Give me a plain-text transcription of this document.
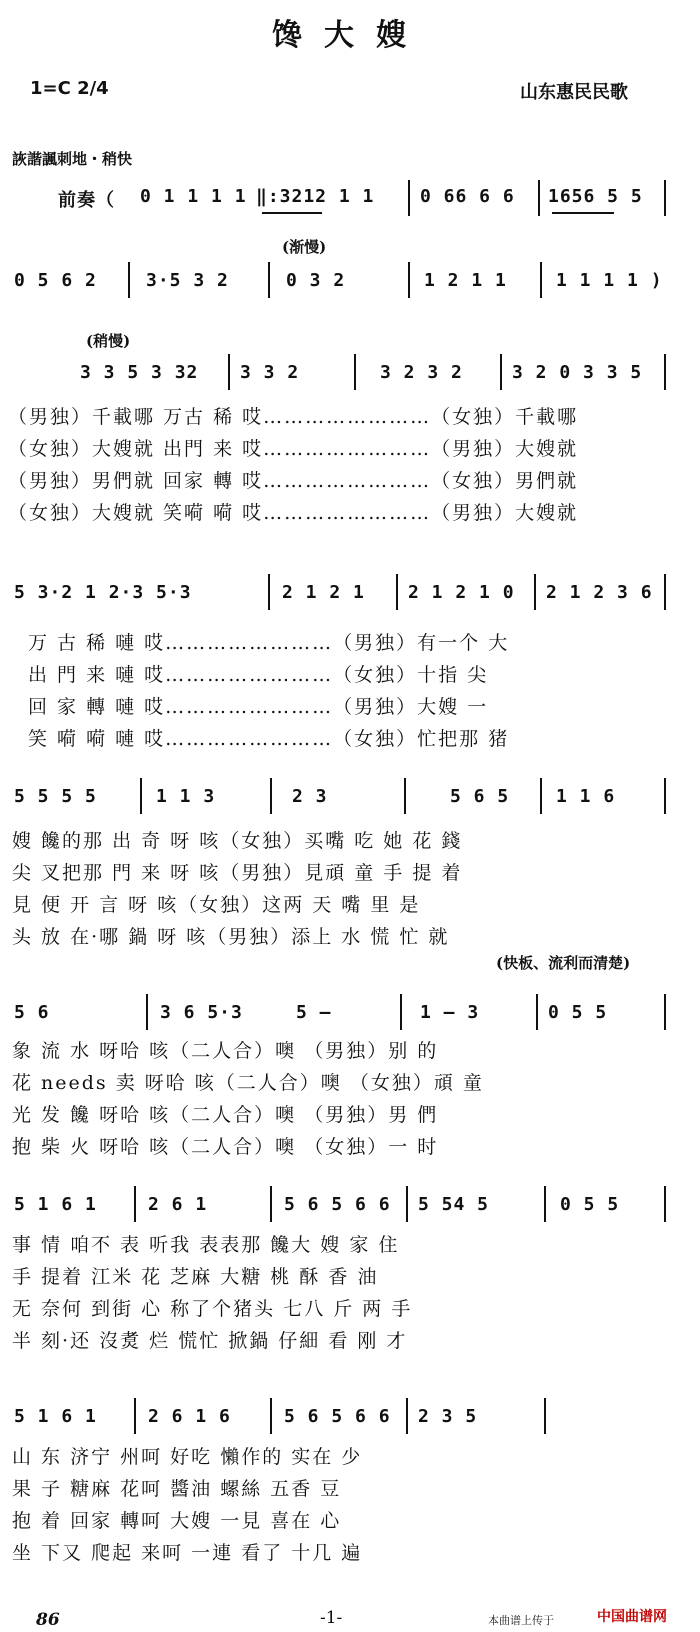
馋大嫂
1=C 2/4	山东惠民民歌
詼諧諷刺地・稍快
前奏（ 0 1 1 1 1 ‖:3212 1 1	0 66 6 6 1656 5 5
(渐慢)
0 5 6 2	3·5 3 2	0 3 2	1 2 1 1	1 1 1 1 )
(稍慢)
3 3 5 3 32 3 3 2	3 2 3 2	3 2 0 3 3 5
（男独）千載哪 万古 稀 哎……………………（女独）千載哪
（女独）大嫂就 出門 来 哎……………………（男独）大嫂就
（男独）男們就 回家 轉 哎……………………（女独）男們就
（女独）大嫂就 笑嗬 嗬 哎……………………（男独）大嫂就
5 3·2 1 2·3 5·3	2 1 2 1 2 1 2 1 0 2 1 2 3 6
万 古 稀 嗹 哎……………………（男独）有一个 大
出 門 来 嗹 哎……………………（女独）十指 尖
回 家 轉 嗹 哎……………………（男独）大嫂 一
笑 嗬 嗬 嗹 哎……………………（女独）忙把那 猪
5 5 5 5	1 1 3	2 3	5 6 5	1 1 6
嫂 饞的那 出 奇 呀 咳（女独）买嘴 吃 她 花 錢
尖 叉把那 門 来 呀 咳（男独）見頑 童 手 提 着
見 便 开 言 呀 咳（女独）这两 天 嘴 里 是
头 放 在·哪 鍋 呀 咳（男独）添上 水 慌 忙 就
(快板、流利而清楚)
5 6	3 6 5·3	5 —	1 — 3	0 5 5
象 流 水 呀哈 咳（二人合）噢 （男独）别 的
花 needs 卖 呀哈 咳（二人合）噢 （女独）頑 童
光 发 饞 呀哈 咳（二人合）噢 （男独）男 們
抱 柴 火 呀哈 咳（二人合）噢 （女独）一 时
5 1 6 1	2 6 1	5 6 5 6 6 5 54 5	0 5 5
事 情 咱不 表 听我 表表那 饞大 嫂 家 住
手 提着 江米 花 芝麻 大糖 桃 酥 香 油
无 奈何 到街 心 称了个猪头 七八 斤 两 手
半 刻·还 沒煑 烂 慌忙 掀鍋 仔細 看 刚 才
5 1 6 1	2 6 1 6	5 6 5 6 6 2 3 5
山 东 济宁 州呵 好吃 懶作的 实在 少
果 子 糖麻 花呵 醬油 螺絲 五香 豆
抱 着 回家 轉呵 大嫂 一見 喜在 心
坐 下又 爬起 来呵 一連 看了 十几 遍
86	-1-	本曲谱上传于	中国曲谱网
